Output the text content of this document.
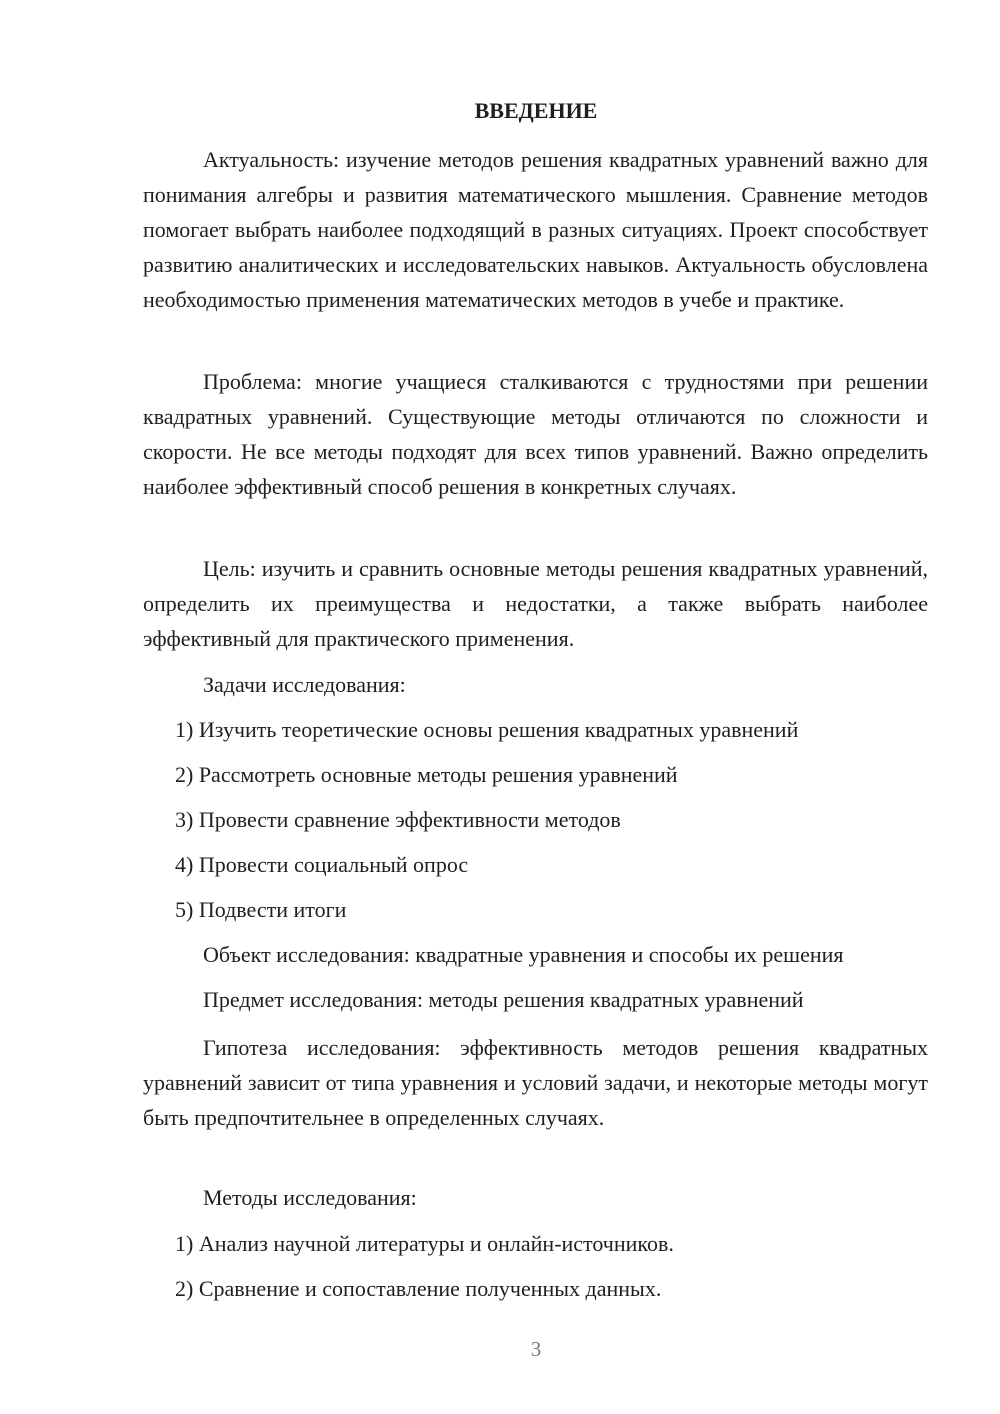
ВВЕДЕНИЕ

Актуальность: изучение методов решения квадратных уравнений важно для понимания алгебры и развития математического мышления. Сравнение методов помогает выбрать наиболее подходящий в разных ситуациях. Проект способствует развитию аналитических и исследовательских навыков. Актуальность обусловлена необходимостью применения математических методов в учебе и практике.

Проблема: многие учащиеся сталкиваются с трудностями при решении квадратных уравнений. Существующие методы отличаются по сложности и скорости. Не все методы подходят для всех типов уравнений. Важно определить наиболее эффективный способ решения в конкретных случаях.

Цель: изучить и сравнить основные методы решения квадратных уравнений, определить их преимущества и недостатки, а также выбрать наиболее эффективный для практического применения.

Задачи исследования:

1) Изучить теоретические основы решения квадратных уравнений

2) Рассмотреть основные методы решения уравнений

3) Провести сравнение эффективности методов

4) Провести социальный опрос

5) Подвести итоги

Объект исследования: квадратные уравнения и способы их решения

Предмет исследования: методы решения квадратных уравнений

Гипотеза исследования: эффективность методов решения квадратных уравнений зависит от типа уравнения и условий задачи, и некоторые методы могут быть предпочтительнее в определенных случаях.

Методы исследования:

1) Анализ научной литературы и онлайн-источников.

2) Сравнение и сопоставление полученных данных.

3
